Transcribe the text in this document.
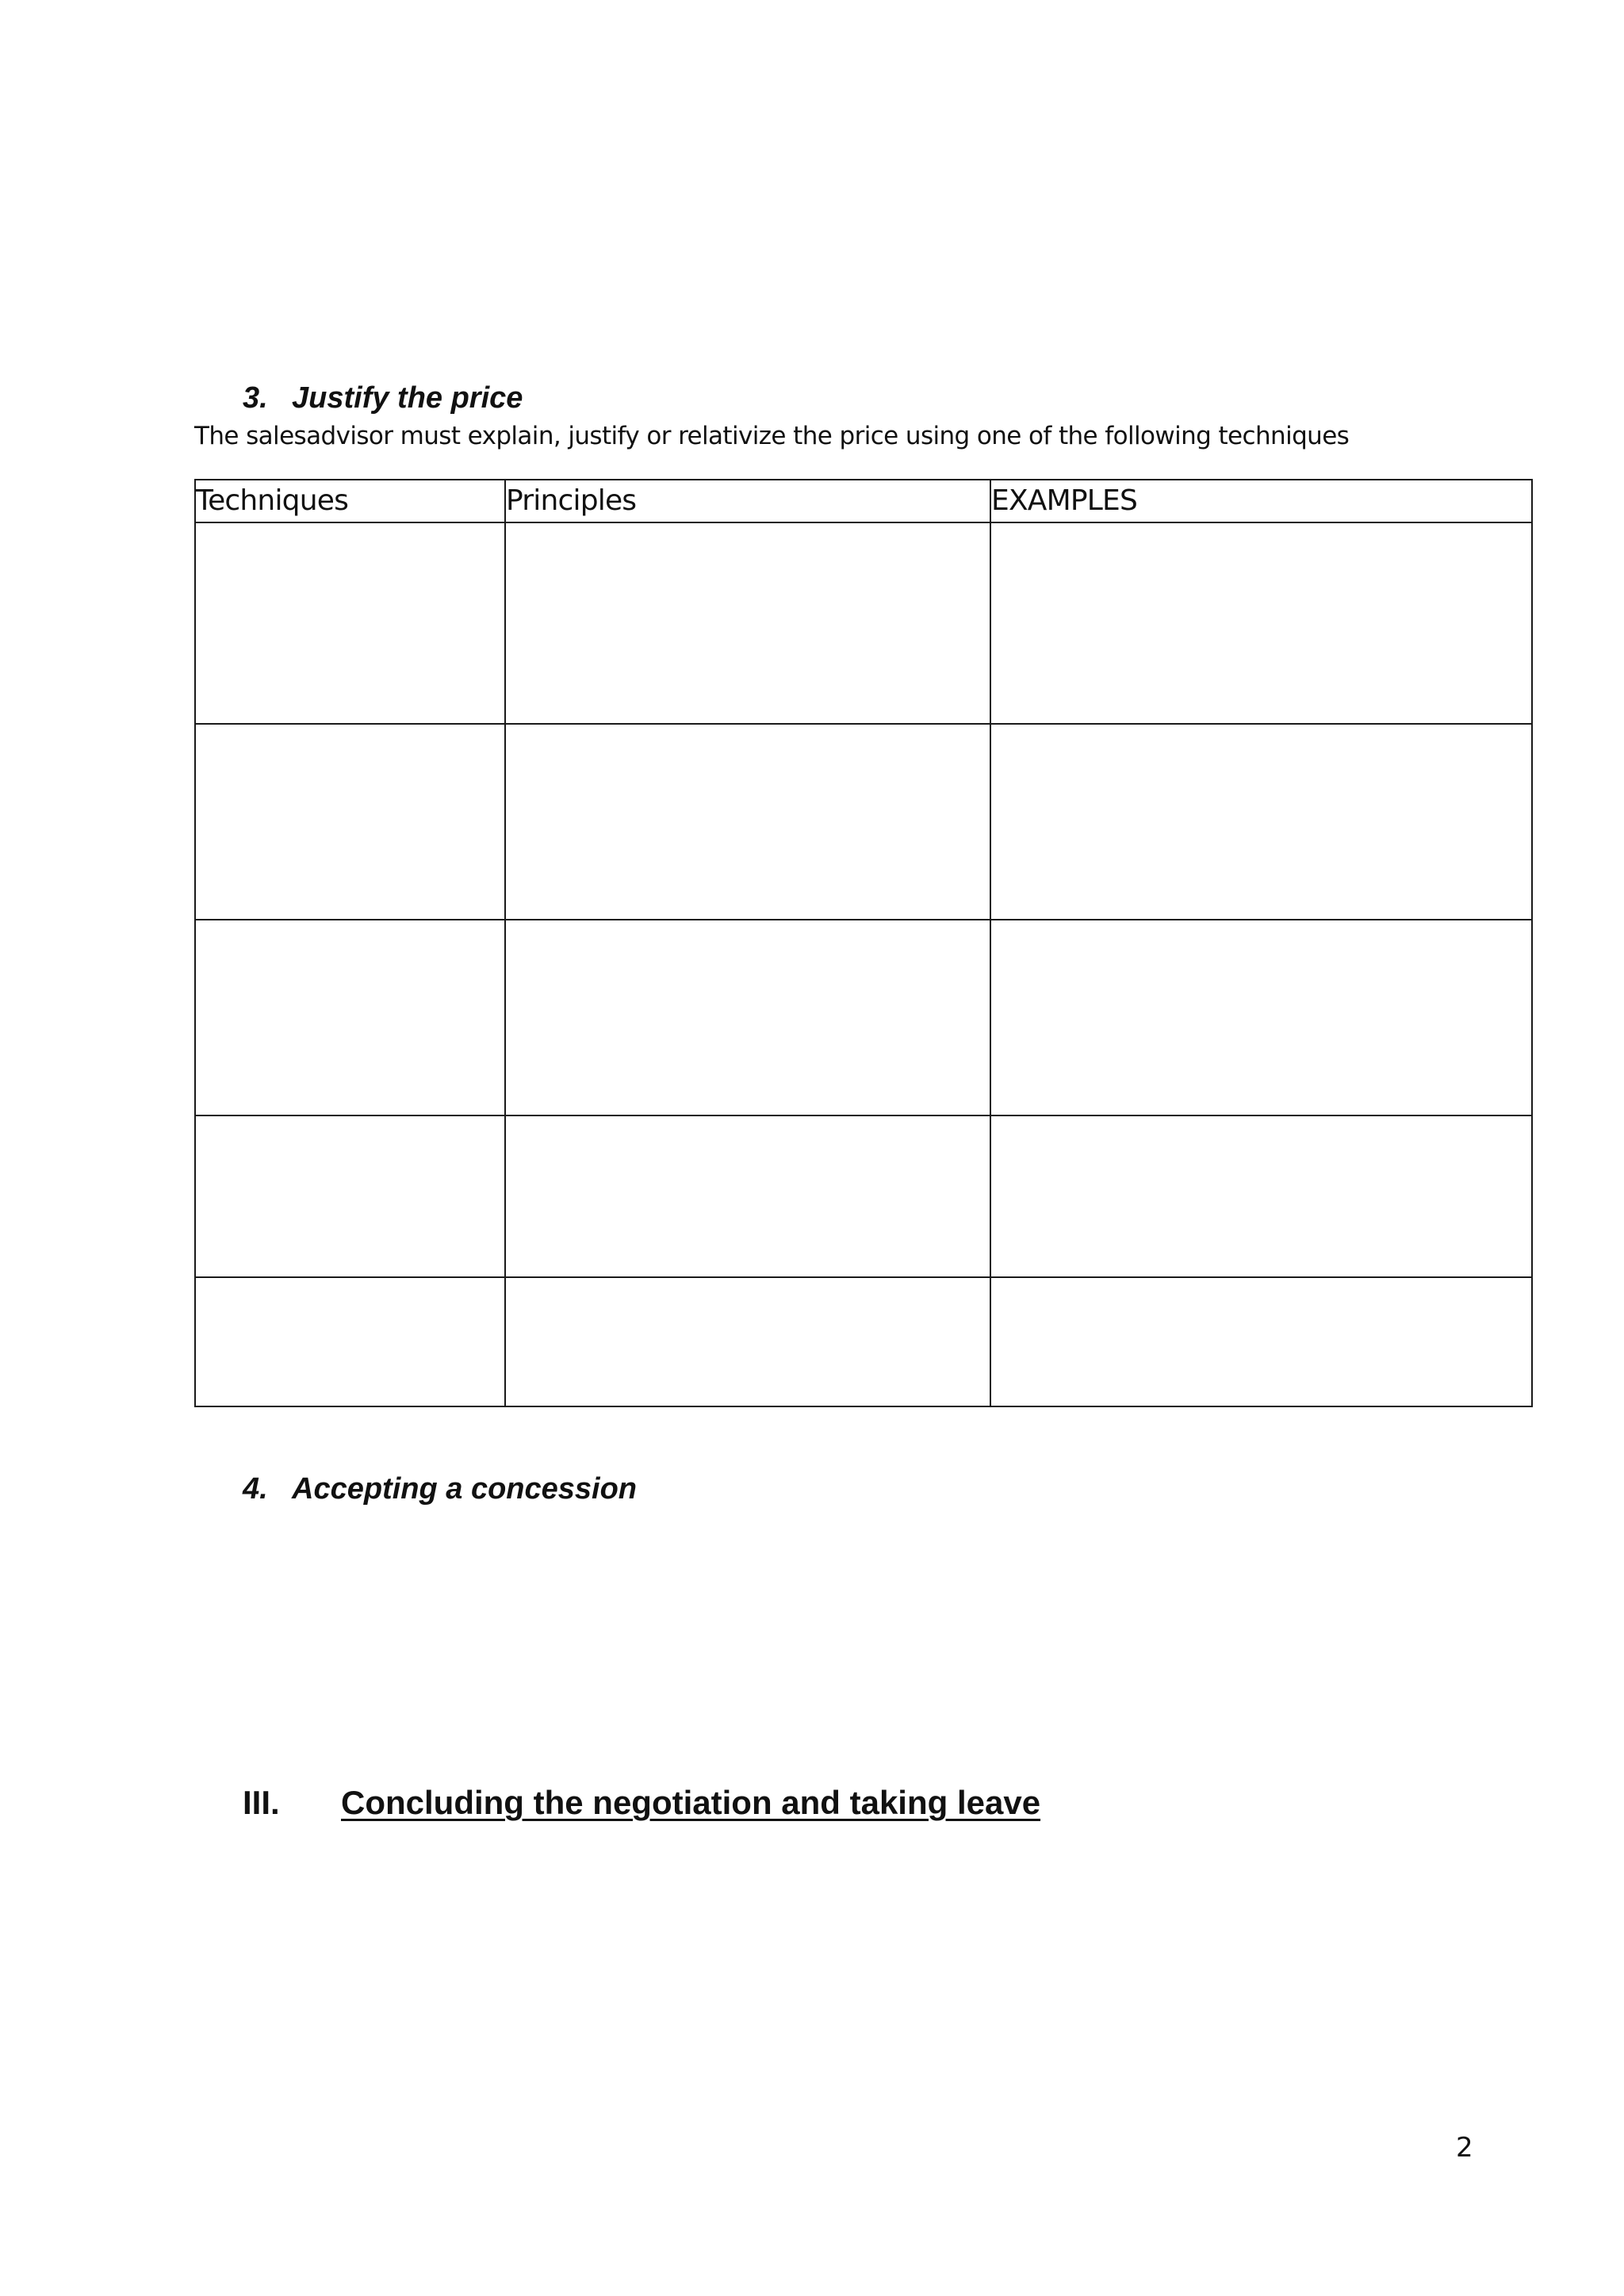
3. Justify the price
The salesadvisor must explain, justify or relativize the price using one of the following techniques
Techniques	Principles	EXAMPLES

4. Accepting a concession
III. Concluding the negotiation and taking leave
2
